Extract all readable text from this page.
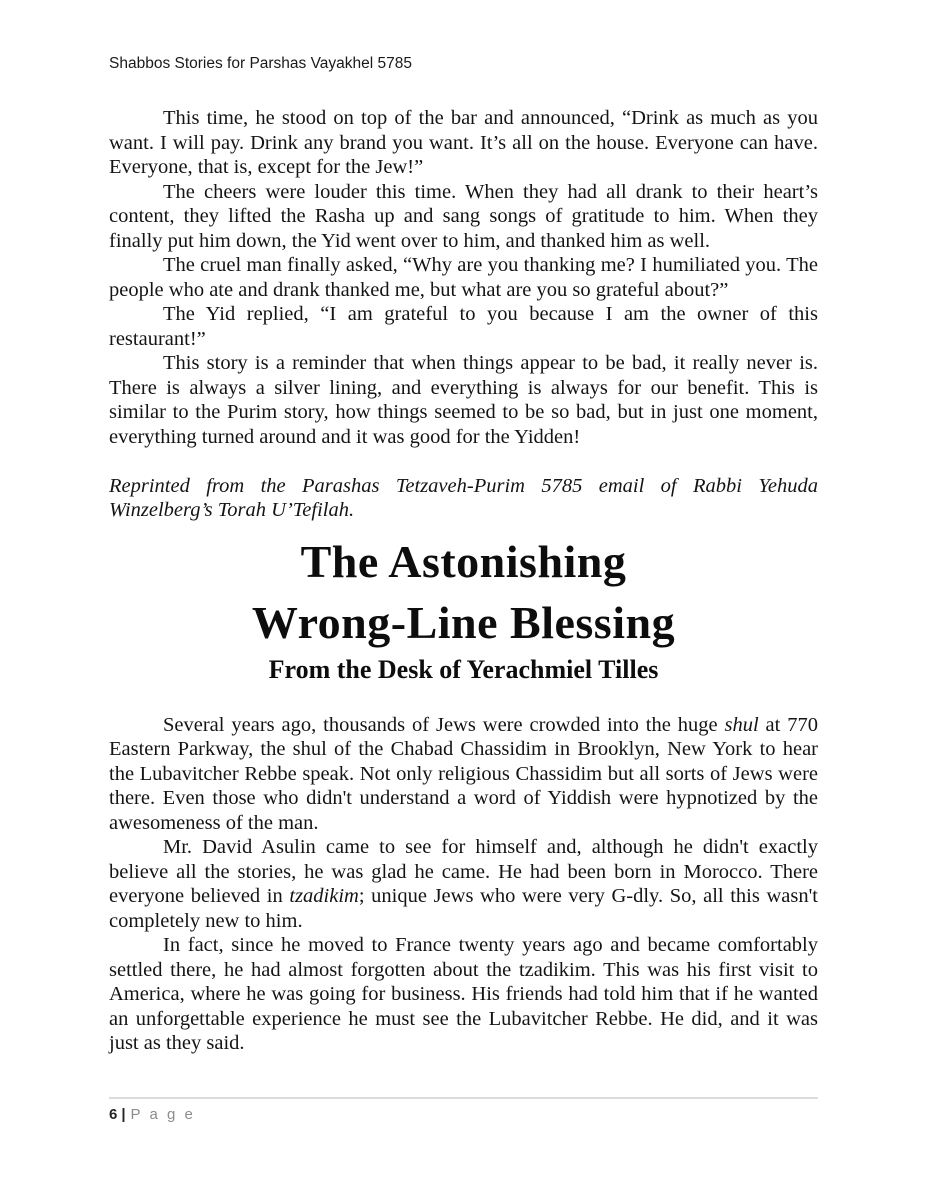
Shabbos Stories for Parshas Vayakhel 5785

This time, he stood on top of the bar and announced, “Drink as much as you want. I will pay. Drink any brand you want. It’s all on the house. Everyone can have. Everyone, that is, except for the Jew!”

The cheers were louder this time. When they had all drank to their heart’s content, they lifted the Rasha up and sang songs of gratitude to him. When they finally put him down, the Yid went over to him, and thanked him as well.

The cruel man finally asked, “Why are you thanking me? I humiliated you. The people who ate and drank thanked me, but what are you so grateful about?”

The Yid replied, “I am grateful to you because I am the owner of this restaurant!”

This story is a reminder that when things appear to be bad, it really never is. There is always a silver lining, and everything is always for our benefit. This is similar to the Purim story, how things seemed to be so bad, but in just one moment, everything turned around and it was good for the Yidden!

Reprinted from the Parashas Tetzaveh-Purim 5785 email of Rabbi Yehuda Winzelberg’s Torah U’Tefilah.

The Astonishing
Wrong-Line Blessing
From the Desk of Yerachmiel Tilles

Several years ago, thousands of Jews were crowded into the huge shul at 770 Eastern Parkway, the shul of the Chabad Chassidim in Brooklyn, New York to hear the Lubavitcher Rebbe speak. Not only religious Chassidim but all sorts of Jews were there. Even those who didn't understand a word of Yiddish were hypnotized by the awesomeness of the man.

Mr. David Asulin came to see for himself and, although he didn't exactly believe all the stories, he was glad he came. He had been born in Morocco. There everyone believed in tzadikim; unique Jews who were very G-dly. So, all this wasn't completely new to him.

In fact, since he moved to France twenty years ago and became comfortably settled there, he had almost forgotten about the tzadikim. This was his first visit to America, where he was going for business. His friends had told him that if he wanted an unforgettable experience he must see the Lubavitcher Rebbe. He did, and it was just as they said.

6 | P a g e
